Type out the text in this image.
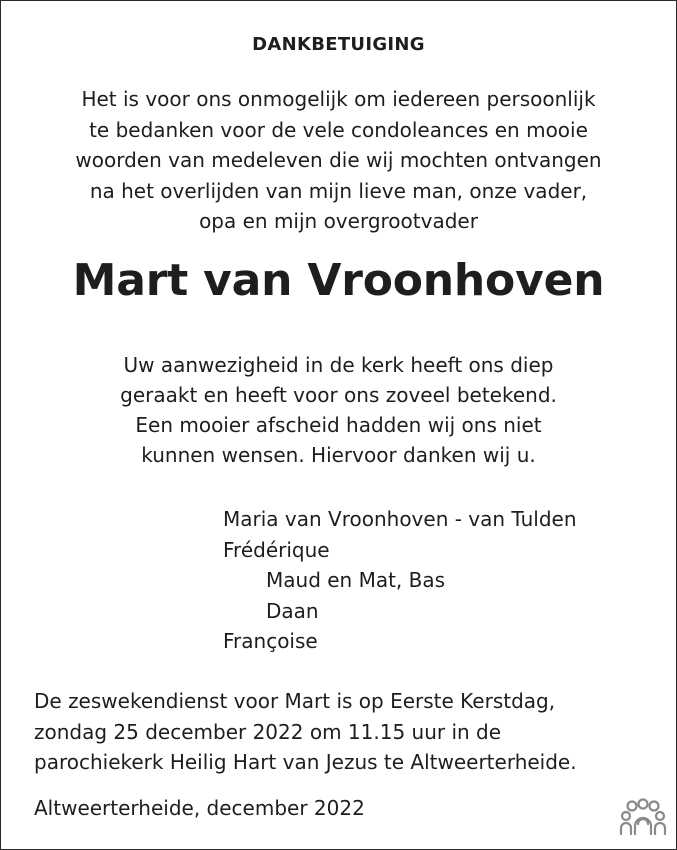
DANKBETUIGING
Het is voor ons onmogelijk om iedereen persoonlijk
te bedanken voor de vele condoleances en mooie
woorden van medeleven die wij mochten ontvangen
na het overlijden van mijn lieve man, onze vader,
opa en mijn overgrootvader
Mart van Vroonhoven
Uw aanwezigheid in de kerk heeft ons diep
geraakt en heeft voor ons zoveel betekend.
Een mooier afscheid hadden wij ons niet
kunnen wensen. Hiervoor danken wij u.
Maria van Vroonhoven - van Tulden
Frédérique
Maud en Mat, Bas
Daan
Françoise
De zeswekendienst voor Mart is op Eerste Kerstdag,
zondag 25 december 2022 om 11.15 uur in de
parochiekerk Heilig Hart van Jezus te Altweerterheide.
Altweerterheide, december 2022
